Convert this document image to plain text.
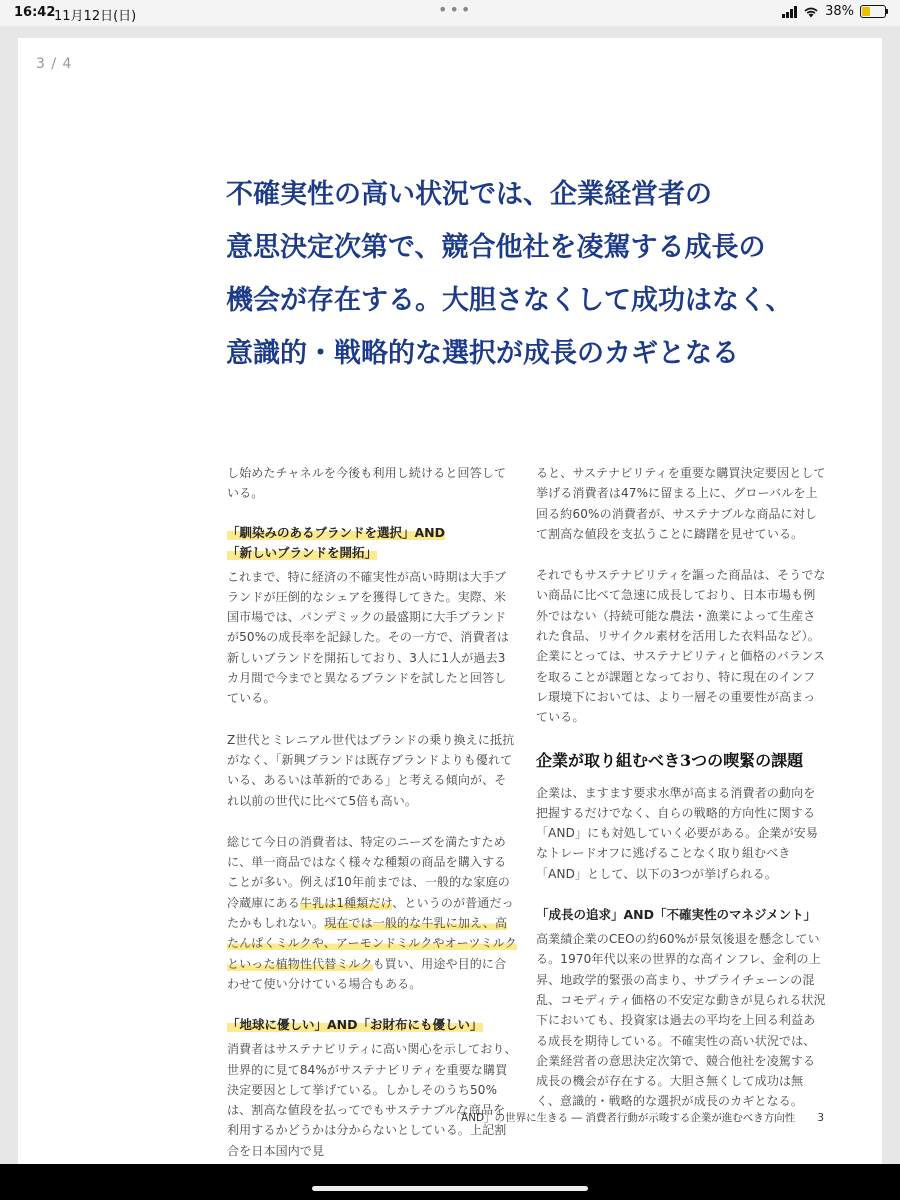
16:42
11月12日(日)	•••	38%
3 / 4
不確実性の高い状況では、企業経営者の
意思決定次第で、競合他社を凌駕する成長の
機会が存在する。大胆さなくして成功はなく、
意識的・戦略的な選択が成長のカギとなる

し始めたチャネルを今後も利用し続けると回答している。

「馴染みのあるブランドを選択」AND
「新しいブランドを開拓」

これまで、特に経済の不確実性が高い時期は大手ブランドが圧倒的なシェアを獲得してきた。実際、米国市場では、パンデミックの最盛期に大手ブランドが50%の成長率を記録した。その一方で、消費者は新しいブランドを開拓しており、3人に1人が過去3カ月間で今までと異なるブランドを試したと回答している。

Z世代とミレニアル世代はブランドの乗り換えに抵抗がなく、「新興ブランドは既存ブランドよりも優れている、あるいは革新的である」と考える傾向が、それ以前の世代に比べて5倍も高い。

総じて今日の消費者は、特定のニーズを満たすために、単一商品ではなく様々な種類の商品を購入することが多い。例えば10年前までは、一般的な家庭の冷蔵庫にある牛乳は1種類だけ、というのが普通だったかもしれない。現在では一般的な牛乳に加え、高たんぱくミルクや、アーモンドミルクやオーツミルクといった植物性代替ミルクも買い、用途や目的に合わせて使い分けている場合もある。

「地球に優しい」AND「お財布にも優しい」

消費者はサステナビリティに高い関心を示しており、世界的に見て84%がサステナビリティを重要な購買決定要因として挙げている。しかしそのうち50%は、割高な値段を払ってでもサステナブルな商品を利用するかどうかは分からないとしている。上記割合を日本国内で見

ると、サステナビリティを重要な購買決定要因として挙げる消費者は47%に留まる上に、グローバルを上回る約60%の消費者が、サステナブルな商品に対して割高な値段を支払うことに躊躇を見せている。

それでもサステナビリティを謳った商品は、そうでない商品に比べて急速に成長しており、日本市場も例外ではない（持続可能な農法・漁業によって生産された食品、リサイクル素材を活用した衣料品など）。企業にとっては、サステナビリティと価格のバランスを取ることが課題となっており、特に現在のインフレ環境下においては、より一層その重要性が高まっている。

企業が取り組むべき3つの喫緊の課題

企業は、ますます要求水準が高まる消費者の動向を把握するだけでなく、自らの戦略的方向性に関する「AND」にも対処していく必要がある。企業が安易なトレードオフに逃げることなく取り組むべき「AND」として、以下の3つが挙げられる。

「成長の追求」AND「不確実性のマネジメント」

高業績企業のCEOの約60%が景気後退を懸念している。1970年代以来の世界的な高インフレ、金利の上昇、地政学的緊張の高まり、サプライチェーンの混乱、コモディティ価格の不安定な動きが見られる状況下においても、投資家は過去の平均を上回る利益ある成長を期待している。不確実性の高い状況では、企業経営者の意思決定次第で、競合他社を凌駕する成長の機会が存在する。大胆さ無くして成功は無く、意識的・戦略的な選択が成長のカギとなる。

「AND」の世界に生きる ― 消費者行動が示唆する企業が進むべき方向性 3
